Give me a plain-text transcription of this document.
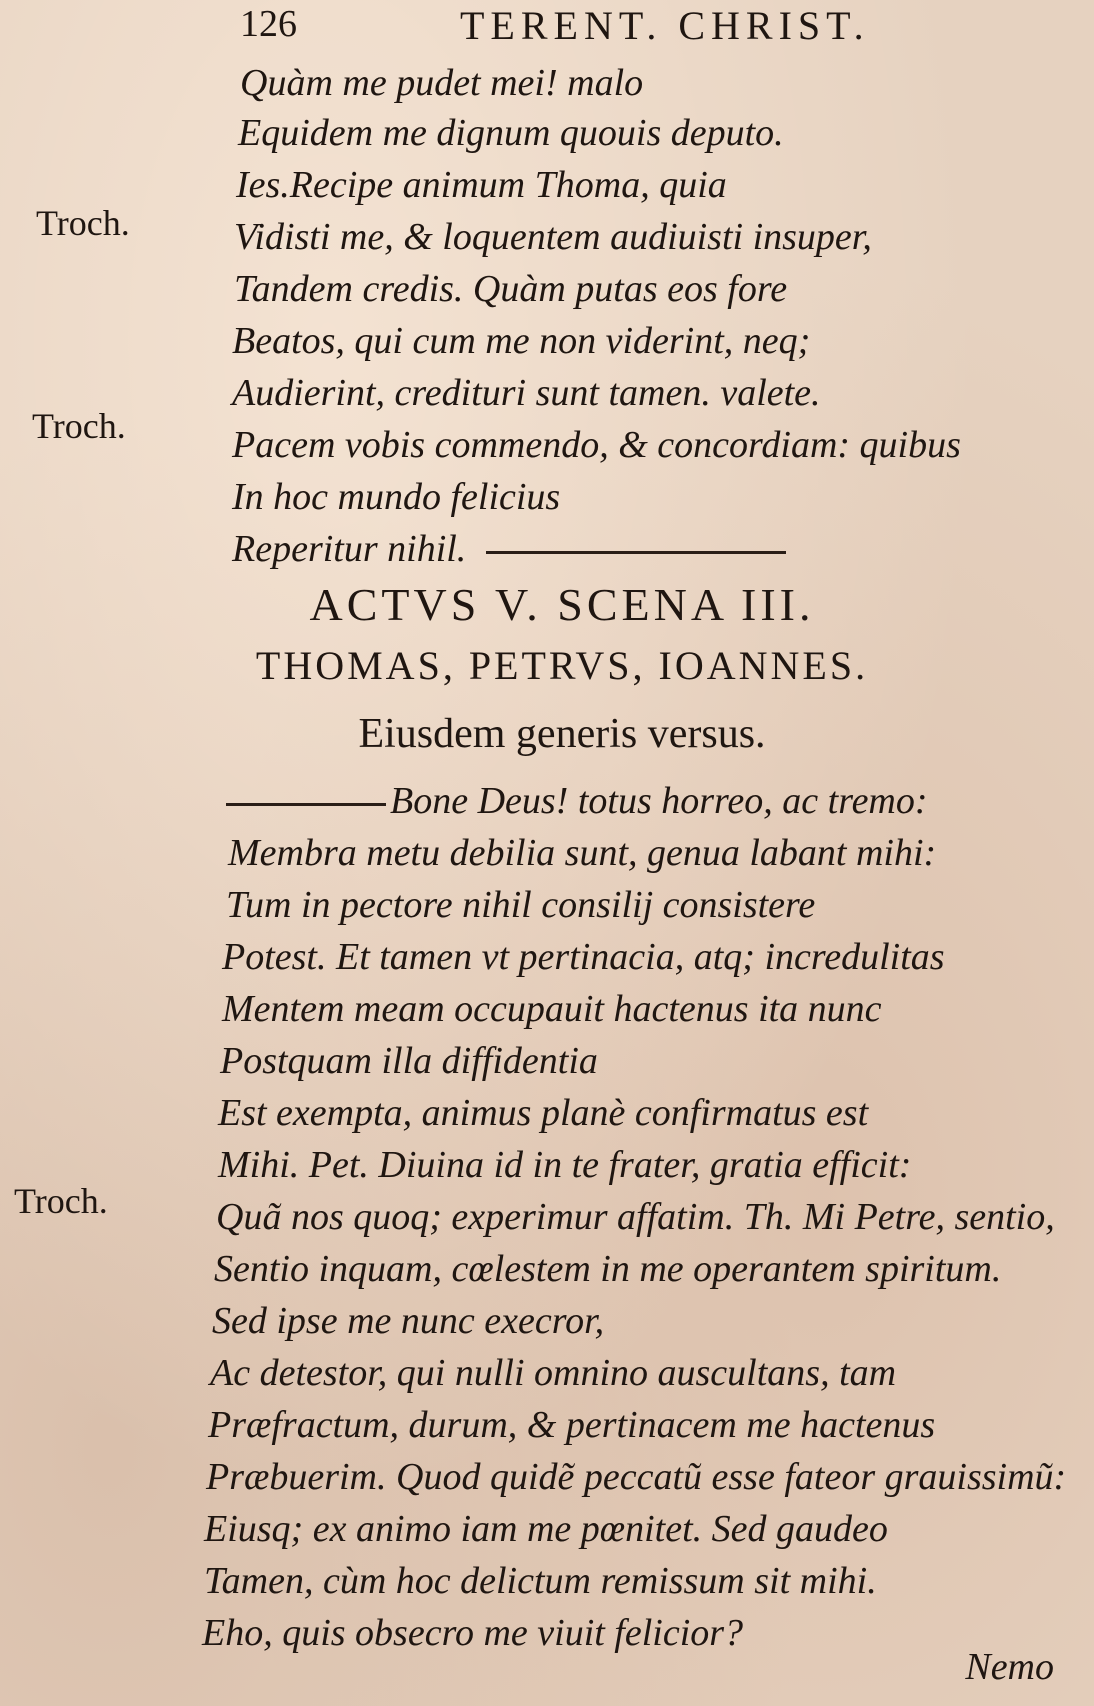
126	TERENT. CHRIST.
Troch.
Troch.
Troch.
Quàm me pudet mei! malo
Equidem me dignum quouis deputo.
Ies.Recipe animum Thoma, quia
Vidisti me, & loquentem audiuisti insuper,
Tandem credis. Quàm putas eos fore
Beatos, qui cum me non viderint, neq;
Audierint, credituri sunt tamen. valete.
Pacem vobis commendo, & concordiam: quibus
In hoc mundo felicius
Reperitur nihil.
ACTVS V. SCENA III.
THOMAS, PETRVS, IOANNES.
Eiusdem generis versus.
Bone Deus! totus horreo, ac tremo:
Membra metu debilia sunt, genua labant mihi:
Tum in pectore nihil consilij consistere
Potest. Et tamen vt pertinacia, atq; incredulitas
Mentem meam occupauit hactenus ita nunc
Postquam illa diffidentia
Est exempta, animus planè confirmatus est
Mihi. Pet. Diuina id in te frater, gratia efficit:
Quã nos quoq; experimur affatim. Th. Mi Petre, sentio,
Sentio inquam, cœlestem in me operantem spiritum.
Sed ipse me nunc execror,
Ac detestor, qui nulli omnino auscultans, tam
Præfractum, durum, & pertinacem me hactenus
Præbuerim. Quod quidẽ peccatũ esse fateor grauissimũ:
Eiusq; ex animo iam me pœnitet. Sed gaudeo
Tamen, cùm hoc delictum remissum sit mihi.
Eho, quis obsecro me viuit felicior?
Nemo
